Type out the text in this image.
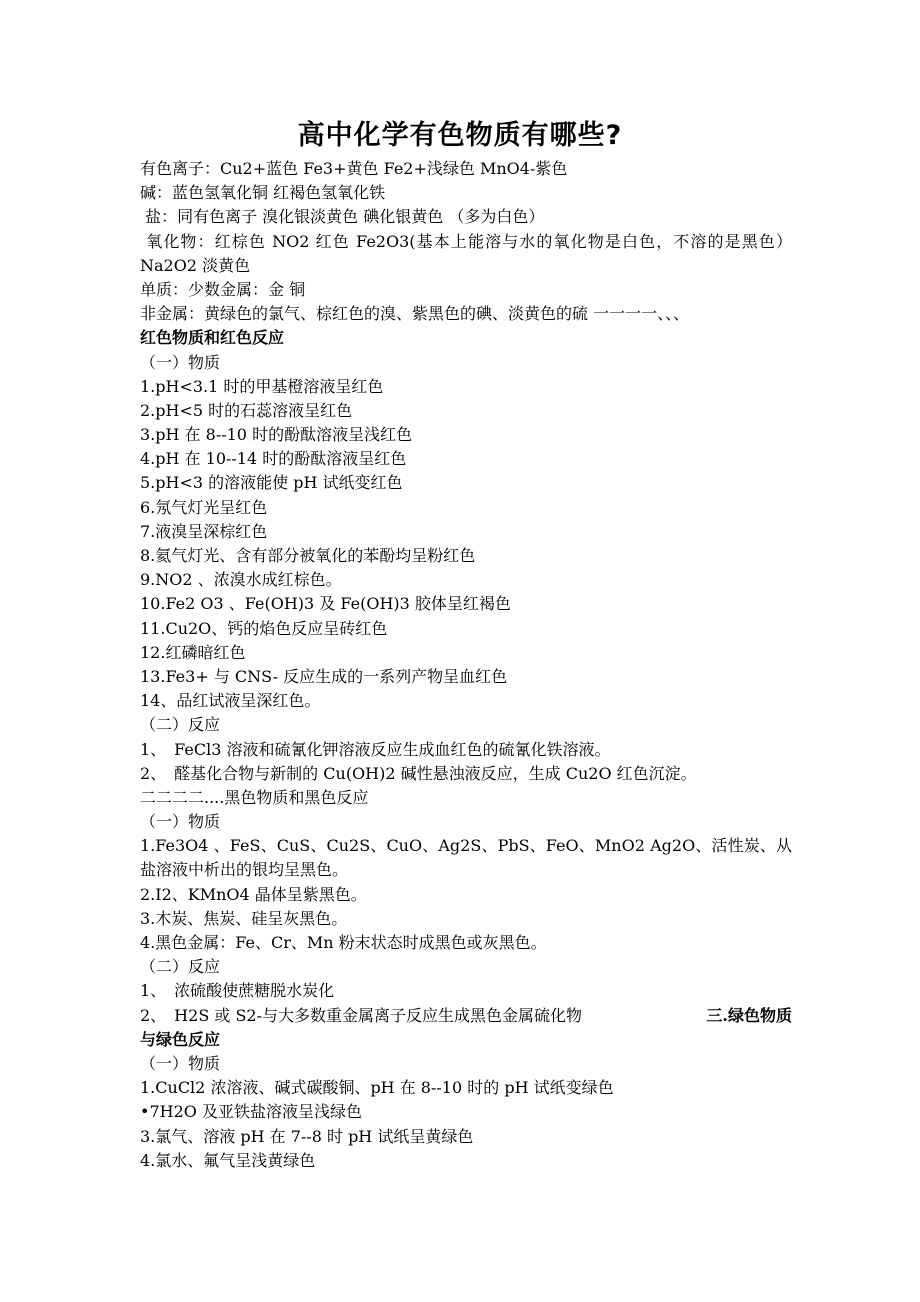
高中化学有色物质有哪些?
有色离子：Cu2+蓝色 Fe3+黄色 Fe2+浅绿色 MnO4-紫色
碱：蓝色氢氧化铜 红褐色氢氧化铁
盐：同有色离子 溴化银淡黄色 碘化银黄色 （多为白色）
氧化物：红棕色 NO2 红色 Fe2O3(基本上能溶与水的氧化物是白色，不溶的是黑色） Na2O2 淡黄色
单质：少数金属：金 铜
非金属：黄绿色的氯气、棕红色的溴、紫黑色的碘、淡黄色的硫 一一一一、、、
红色物质和红色反应
（一）物质
1.pH<3.1 时的甲基橙溶液呈红色
2.pH<5 时的石蕊溶液呈红色
3.pH 在 8--10 时的酚酞溶液呈浅红色
4.pH 在 10--14 时的酚酞溶液呈红色
5.pH<3 的溶液能使 pH 试纸变红色
6.氖气灯光呈红色
7.液溴呈深棕红色
8.氦气灯光、含有部分被氧化的苯酚均呈粉红色
9.NO2 、浓溴水成红棕色。
10.Fe2 O3 、Fe(OH)3 及 Fe(OH)3 胶体呈红褐色
11.Cu2O、钙的焰色反应呈砖红色
12.红磷暗红色
13.Fe3+ 与 CNS- 反应生成的一系列产物呈血红色
14、品红试液呈深红色。
（二）反应
1、　FeCl3 溶液和硫氰化钾溶液反应生成血红色的硫氰化铁溶液。
2、　醛基化合物与新制的 Cu(OH)2 碱性悬浊液反应，生成 Cu2O 红色沉淀。
二二二二....黑色物质和黑色反应
（一）物质
1.Fe3O4 、FeS、CuS、Cu2S、CuO、Ag2S、PbS、FeO、MnO2 Ag2O、活性炭、从盐溶液中析出的银均呈黑色。
2.I2、KMnO4 晶体呈紫黑色。
3.木炭、焦炭、硅呈灰黑色。
4.黑色金属：Fe、Cr、Mn 粉末状态时成黑色或灰黑色。
（二）反应
1、　浓硫酸使蔗糖脱水炭化
2、　H2S 或 S2-与大多数重金属离子反应生成黑色金属硫化物	三.绿色物质
与绿色反应
（一）物质
1.CuCl2 浓溶液、碱式碳酸铜、pH 在 8--10 时的 pH 试纸变绿色
•7H2O 及亚铁盐溶液呈浅绿色
3.氯气、溶液 pH 在 7--8 时 pH 试纸呈黄绿色
4.氯水、氟气呈浅黄绿色
